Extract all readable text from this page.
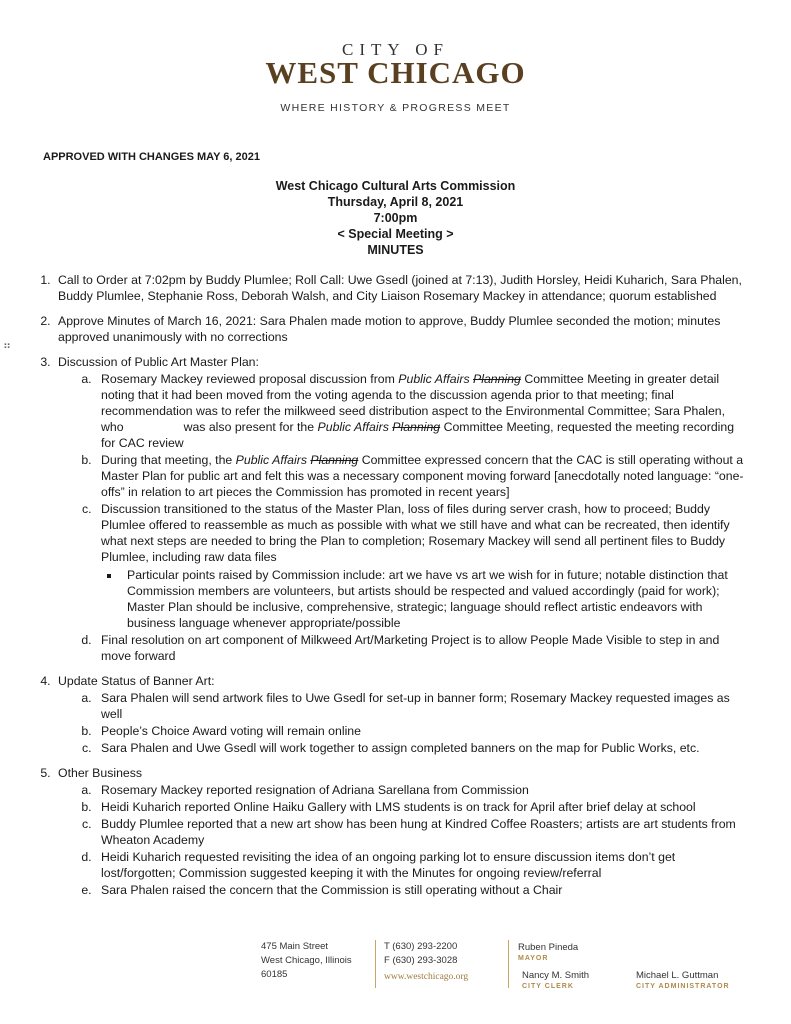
CITY OF
WEST CHICAGO
WHERE HISTORY & PROGRESS MEET
APPROVED WITH CHANGES MAY 6, 2021
West Chicago Cultural Arts Commission
Thursday, April 8, 2021
7:00pm
< Special Meeting >
MINUTES
⠶
1. Call to Order at 7:02pm by Buddy Plumlee; Roll Call: Uwe Gsedl (joined at 7:13), Judith Horsley, Heidi Kuharich, Sara Phalen, Buddy Plumlee, Stephanie Ross, Deborah Walsh, and City Liaison Rosemary Mackey in attendance; quorum established
2. Approve Minutes of March 16, 2021: Sara Phalen made motion to approve, Buddy Plumlee seconded the motion; minutes approved unanimously with no corrections
3. Discussion of Public Art Master Plan:
a. Rosemary Mackey reviewed proposal discussion from Public Affairs Planning Committee Meeting in greater detail noting that it had been moved from the voting agenda to the discussion agenda prior to that meeting; final recommendation was to refer the milkweed seed distribution aspect to the Environmental Committee; Sara Phalen, who	was also present for the Public Affairs Planning Committee Meeting, requested the meeting recording for CAC review
b. During that meeting, the Public Affairs Planning Committee expressed concern that the CAC is still operating without a Master Plan for public art and felt this was a necessary component moving forward [anecdotally noted language: “one-offs” in relation to art pieces the Commission has promoted in recent years]
c. Discussion transitioned to the status of the Master Plan, loss of files during server crash, how to proceed; Buddy Plumlee offered to reassemble as much as possible with what we still have and what can be recreated, then identify what next steps are needed to bring the Plan to completion; Rosemary Mackey will send all pertinent files to Buddy Plumlee, including raw data files
▪ Particular points raised by Commission include: art we have vs art we wish for in future; notable distinction that Commission members are volunteers, but artists should be respected and valued accordingly (paid for work); Master Plan should be inclusive, comprehensive, strategic; language should reflect artistic endeavors with business language whenever appropriate/possible
d. Final resolution on art component of Milkweed Art/Marketing Project is to allow People Made Visible to step in and move forward
4. Update Status of Banner Art:
a. Sara Phalen will send artwork files to Uwe Gsedl for set-up in banner form; Rosemary Mackey requested images as well
b. People’s Choice Award voting will remain online
c. Sara Phalen and Uwe Gsedl will work together to assign completed banners on the map for Public Works, etc.
5. Other Business
a. Rosemary Mackey reported resignation of Adriana Sarellana from Commission
b. Heidi Kuharich reported Online Haiku Gallery with LMS students is on track for April after brief delay at school
c. Buddy Plumlee reported that a new art show has been hung at Kindred Coffee Roasters; artists are art students from Wheaton Academy
d. Heidi Kuharich requested revisiting the idea of an ongoing parking lot to ensure discussion items don’t get lost/forgotten; Commission suggested keeping it with the Minutes for ongoing review/referral
e. Sara Phalen raised the concern that the Commission is still operating without a Chair
475 Main Street
West Chicago, Illinois
60185
T (630) 293-2200
F (630) 293-3028
www.westchicago.org
Ruben Pineda
MAYOR
Nancy M. Smith
CITY CLERK
Michael L. Guttman
CITY ADMINISTRATOR
